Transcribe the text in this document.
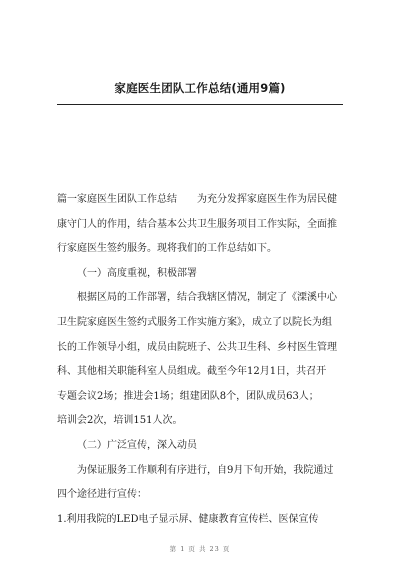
家庭医生团队工作总结(通用9篇)
篇一家庭医生团队工作总结　　为充分发挥家庭医生作为居民健
康守门人的作用，结合基本公共卫生服务项目工作实际，全面推
行家庭医生签约服务。现将我们的工作总结如下。
（一）高度重视，积极部署
根据区局的工作部署，结合我辖区情况，制定了《溧溪中心
卫生院家庭医生签约式服务工作实施方案》，成立了以院长为组
长的工作领导小组，成员由院班子、公共卫生科、乡村医生管理
科、其他相关职能科室人员组成。截至今年12月1日，共召开
专题会议2场；推进会1场；组建团队8个，团队成员63人；
培训会2次，培训151人次。
（二）广泛宣传，深入动员
为保证服务工作顺利有序进行，自9月下旬开始，我院通过
四个途径进行宣传：
1.利用我院的LED电子显示屏、健康教育宣传栏、医保宣传
第 1 页 共 23 页
